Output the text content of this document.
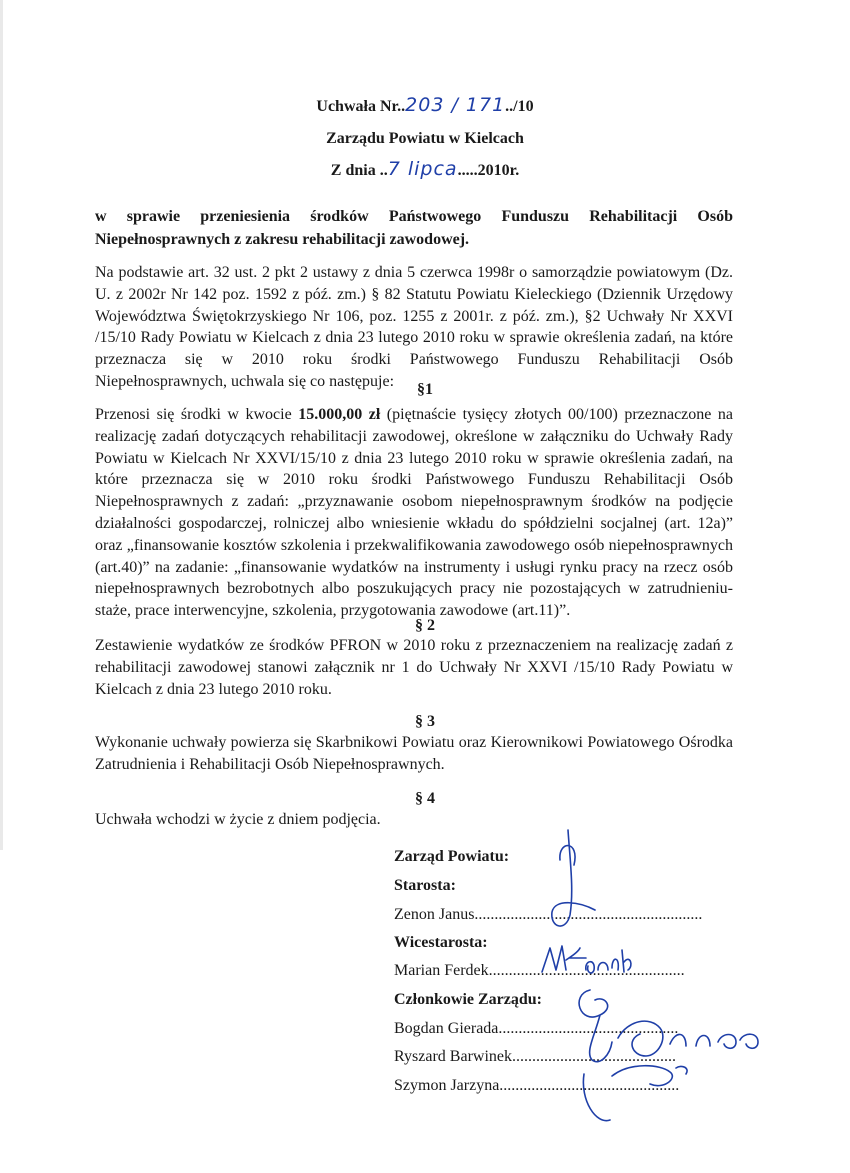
Uchwała Nr..203 / 171../10
Zarządu Powiatu w Kielcach
Z dnia ..7 lipca.....2010r.
w sprawie przeniesienia środków Państwowego Funduszu Rehabilitacji Osób Niepełnosprawnych z zakresu rehabilitacji zawodowej.
Na podstawie art. 32 ust. 2 pkt 2 ustawy z dnia 5 czerwca 1998r o samorządzie powiatowym (Dz. U. z 2002r Nr 142 poz. 1592 z póź. zm.) § 82 Statutu Powiatu Kieleckiego (Dziennik Urzędowy Województwa Świętokrzyskiego Nr 106, poz. 1255 z 2001r. z póź. zm.), §2 Uchwały Nr XXVI /15/10 Rady Powiatu w Kielcach z dnia 23 lutego 2010 roku w sprawie określenia zadań, na które przeznacza się w 2010 roku środki Państwowego Funduszu Rehabilitacji Osób Niepełnosprawnych, uchwala się co następuje:	§1
Przenosi się środki w kwocie 15.000,00 zł (piętnaście tysięcy złotych 00/100) przeznaczone na realizację zadań dotyczących rehabilitacji zawodowej, określone w załączniku do Uchwały Rady Powiatu w Kielcach Nr XXVI/15/10 z dnia 23 lutego 2010 roku w sprawie określenia zadań, na które przeznacza się w 2010 roku środki Państwowego Funduszu Rehabilitacji Osób Niepełnosprawnych z zadań: „przyznawanie osobom niepełnosprawnym środków na podjęcie działalności gospodarczej, rolniczej albo wniesienie wkładu do spółdzielni socjalnej (art. 12a)” oraz „finansowanie kosztów szkolenia i przekwalifikowania zawodowego osób niepełnosprawnych (art.40)” na zadanie: „finansowanie wydatków na instrumenty i usługi rynku pracy na rzecz osób niepełnosprawnych bezrobotnych albo poszukujących pracy nie pozostających w zatrudnieniu-staże, prace interwencyjne, szkolenia, przygotowania zawodowe (art.11)”.
§ 2
Zestawienie wydatków ze środków PFRON w 2010 roku z przeznaczeniem na realizację zadań z rehabilitacji zawodowej stanowi załącznik nr 1 do Uchwały Nr XXVI /15/10 Rady Powiatu w Kielcach z dnia 23 lutego 2010 roku.
§ 3
Wykonanie uchwały powierza się Skarbnikowi Powiatu oraz Kierownikowi Powiatowego Ośrodka Zatrudnienia i Rehabilitacji Osób Niepełnosprawnych.
§ 4
Uchwała wchodzi w życie z dniem podjęcia.
Zarząd Powiatu:
Starosta:
Zenon Janus.........................................................
Wicestarosta:
Marian Ferdek.................................................
Członkowie Zarządu:
Bogdan Gierada.............................................
Ryszard Barwinek.........................................
Szymon Jarzyna.............................................
